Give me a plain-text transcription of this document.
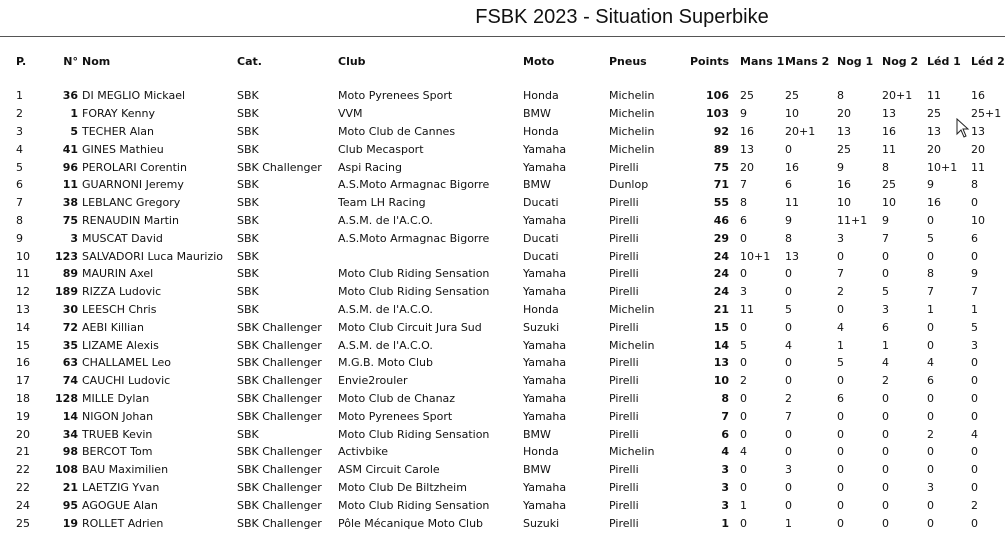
FSBK 2023 - Situation Superbike
P.	N°	Nom	Cat.	Club	Moto	Pneus	Points		Mans 1	Mans 2	Nog 1	Nog 2	Léd 1	Léd 2

1	36	DI MEGLIO Mickael	SBK	Moto Pyrenees Sport	Honda	Michelin	106		25	25	8	20+1	11	16
2	1	FORAY Kenny	SBK	VVM	BMW	Michelin	103		9	10	20	13	25	25+1
3	5	TECHER Alan	SBK	Moto Club de Cannes	Honda	Michelin	92		16	20+1	13	16	13	13
4	41	GINES Mathieu	SBK	Club Mecasport	Yamaha	Michelin	89		13	0	25	11	20	20
5	96	PEROLARI Corentin	SBK Challenger	Aspi Racing	Yamaha	Pirelli	75		20	16	9	8	10+1	11
6	11	GUARNONI Jeremy	SBK	A.S.Moto Armagnac Bigorre	BMW	Dunlop	71		7	6	16	25	9	8
7	38	LEBLANC Gregory	SBK	Team LH Racing	Ducati	Pirelli	55		8	11	10	10	16	0
8	75	RENAUDIN Martin	SBK	A.S.M. de l'A.C.O.	Yamaha	Pirelli	46		6	9	11+1	9	0	10
9	3	MUSCAT David	SBK	A.S.Moto Armagnac Bigorre	Ducati	Pirelli	29		0	8	3	7	5	6
10	123	SALVADORI Luca Maurizio	SBK		Ducati	Pirelli	24		10+1	13	0	0	0	0
11	89	MAURIN Axel	SBK	Moto Club Riding Sensation	Yamaha	Pirelli	24		0	0	7	0	8	9
12	189	RIZZA Ludovic	SBK	Moto Club Riding Sensation	Yamaha	Pirelli	24		3	0	2	5	7	7
13	30	LEESCH Chris	SBK	A.S.M. de l'A.C.O.	Honda	Michelin	21		11	5	0	3	1	1
14	72	AEBI Killian	SBK Challenger	Moto Club Circuit Jura Sud	Suzuki	Pirelli	15		0	0	4	6	0	5
15	35	LIZAME Alexis	SBK Challenger	A.S.M. de l'A.C.O.	Yamaha	Michelin	14		5	4	1	1	0	3
16	63	CHALLAMEL Leo	SBK Challenger	M.G.B. Moto Club	Yamaha	Pirelli	13		0	0	5	4	4	0
17	74	CAUCHI Ludovic	SBK Challenger	Envie2rouler	Yamaha	Pirelli	10		2	0	0	2	6	0
18	128	MILLE Dylan	SBK Challenger	Moto Club de Chanaz	Yamaha	Pirelli	8		0	2	6	0	0	0
19	14	NIGON Johan	SBK Challenger	Moto Pyrenees Sport	Yamaha	Pirelli	7		0	7	0	0	0	0
20	34	TRUEB Kevin	SBK	Moto Club Riding Sensation	BMW	Pirelli	6		0	0	0	0	2	4
21	98	BERCOT Tom	SBK Challenger	Activbike	Honda	Michelin	4		4	0	0	0	0	0
22	108	BAU Maximilien	SBK Challenger	ASM Circuit Carole	BMW	Pirelli	3		0	3	0	0	0	0
22	21	LAETZIG Yvan	SBK Challenger	Moto Club De Biltzheim	Yamaha	Pirelli	3		0	0	0	0	3	0
24	95	AGOGUE Alan	SBK Challenger	Moto Club Riding Sensation	Yamaha	Pirelli	3		1	0	0	0	0	2
25	19	ROLLET Adrien	SBK Challenger	Pôle Mécanique Moto Club	Suzuki	Pirelli	1		0	1	0	0	0	0
